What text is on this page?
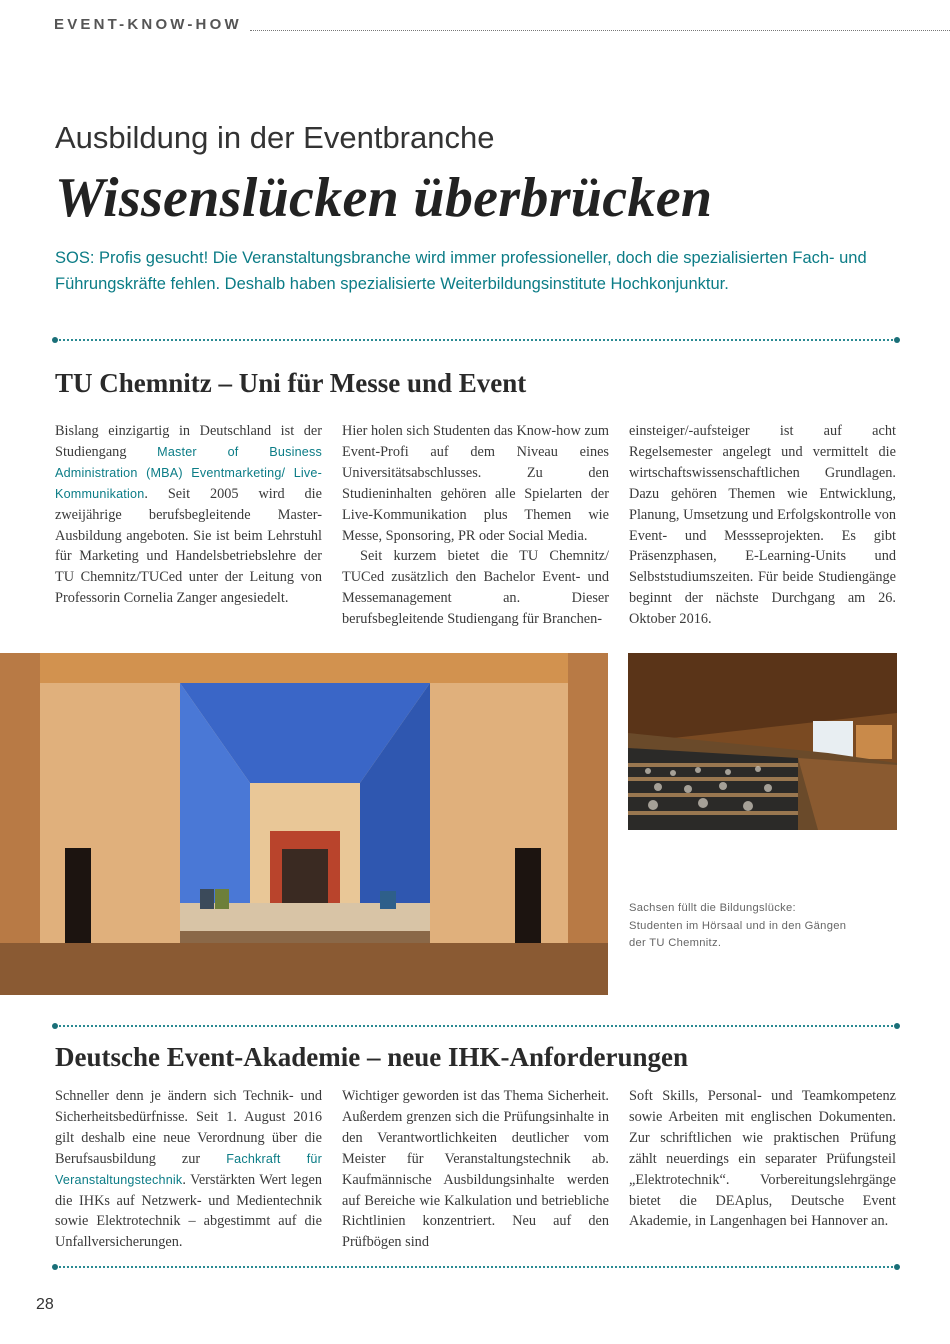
EVENT-KNOW-HOW
Ausbildung in der Eventbranche
Wissenslücken überbrücken

SOS: Profis gesucht! Die Veranstaltungsbranche wird immer professioneller, doch die spezialisierten Fach- und Führungskräfte fehlen. Deshalb haben spezialisierte Weiterbildungsinstitute Hochkonjunktur.

TU Chemnitz – Uni für Messe und Event

Bislang einzigartig in Deutschland ist der Studiengang Master of Business Administration (MBA) Eventmarketing/ Live-Kommunikation. Seit 2005 wird die zweijährige berufsbegleitende Master-Ausbildung angeboten. Sie ist beim Lehrstuhl für Marketing und Handelsbetriebslehre der TU Chemnitz/TUCed unter der Leitung von Professorin Cornelia Zanger angesiedelt.

Hier holen sich Studenten das Know-how zum Event-Profi auf dem Niveau eines Universitätsabschlusses. Zu den Studieninhalten gehören alle Spielarten der Live-Kommunikation plus Themen wie Messe, Sponsoring, PR oder Social Media.

Seit kurzem bietet die TU Chemnitz/ TUCed zusätzlich den Bachelor Event- und Messemanagement an. Dieser berufsbegleitende Studiengang für Branchen-

einsteiger/-aufsteiger ist auf acht Regelsemester angelegt und vermittelt die wirtschaftswissenschaftlichen Grundlagen. Dazu gehören Themen wie Entwicklung, Planung, Umsetzung und Erfolgskontrolle von Event- und Messseprojekten. Es gibt Präsenzphasen, E-Learning-Units und Selbststudiumszeiten. Für beide Studiengänge beginnt der nächste Durchgang am 26. Oktober 2016.

Sachsen füllt die Bildungslücke:

Studenten im Hörsaal und in den Gängen

der TU Chemnitz.

Deutsche Event-Akademie – neue IHK-Anforderungen

Schneller denn je ändern sich Technik- und Sicherheitsbedürfnisse. Seit 1. August 2016 gilt deshalb eine neue Verordnung über die Berufsausbildung zur Fachkraft für Veranstaltungstechnik. Verstärkten Wert legen die IHKs auf Netzwerk- und Medientechnik sowie Elektrotechnik – abgestimmt auf die Unfallversicherungen.

Wichtiger geworden ist das Thema Sicherheit. Außerdem grenzen sich die Prüfungsinhalte in den Verantwortlichkeiten deutlicher vom Meister für Veranstaltungstechnik ab. Kaufmännische Ausbildungsinhalte werden auf Bereiche wie Kalkulation und betriebliche Richtlinien konzentriert. Neu auf den Prüfbögen sind

Soft Skills, Personal- und Teamkompetenz sowie Arbeiten mit englischen Dokumenten. Zur schriftlichen wie praktischen Prüfung zählt neuerdings ein separater Prüfungsteil „Elektrotechnik“. Vorbereitungslehrgänge bietet die DEAplus, Deutsche Event Akademie, in Langenhagen bei Hannover an.

28
